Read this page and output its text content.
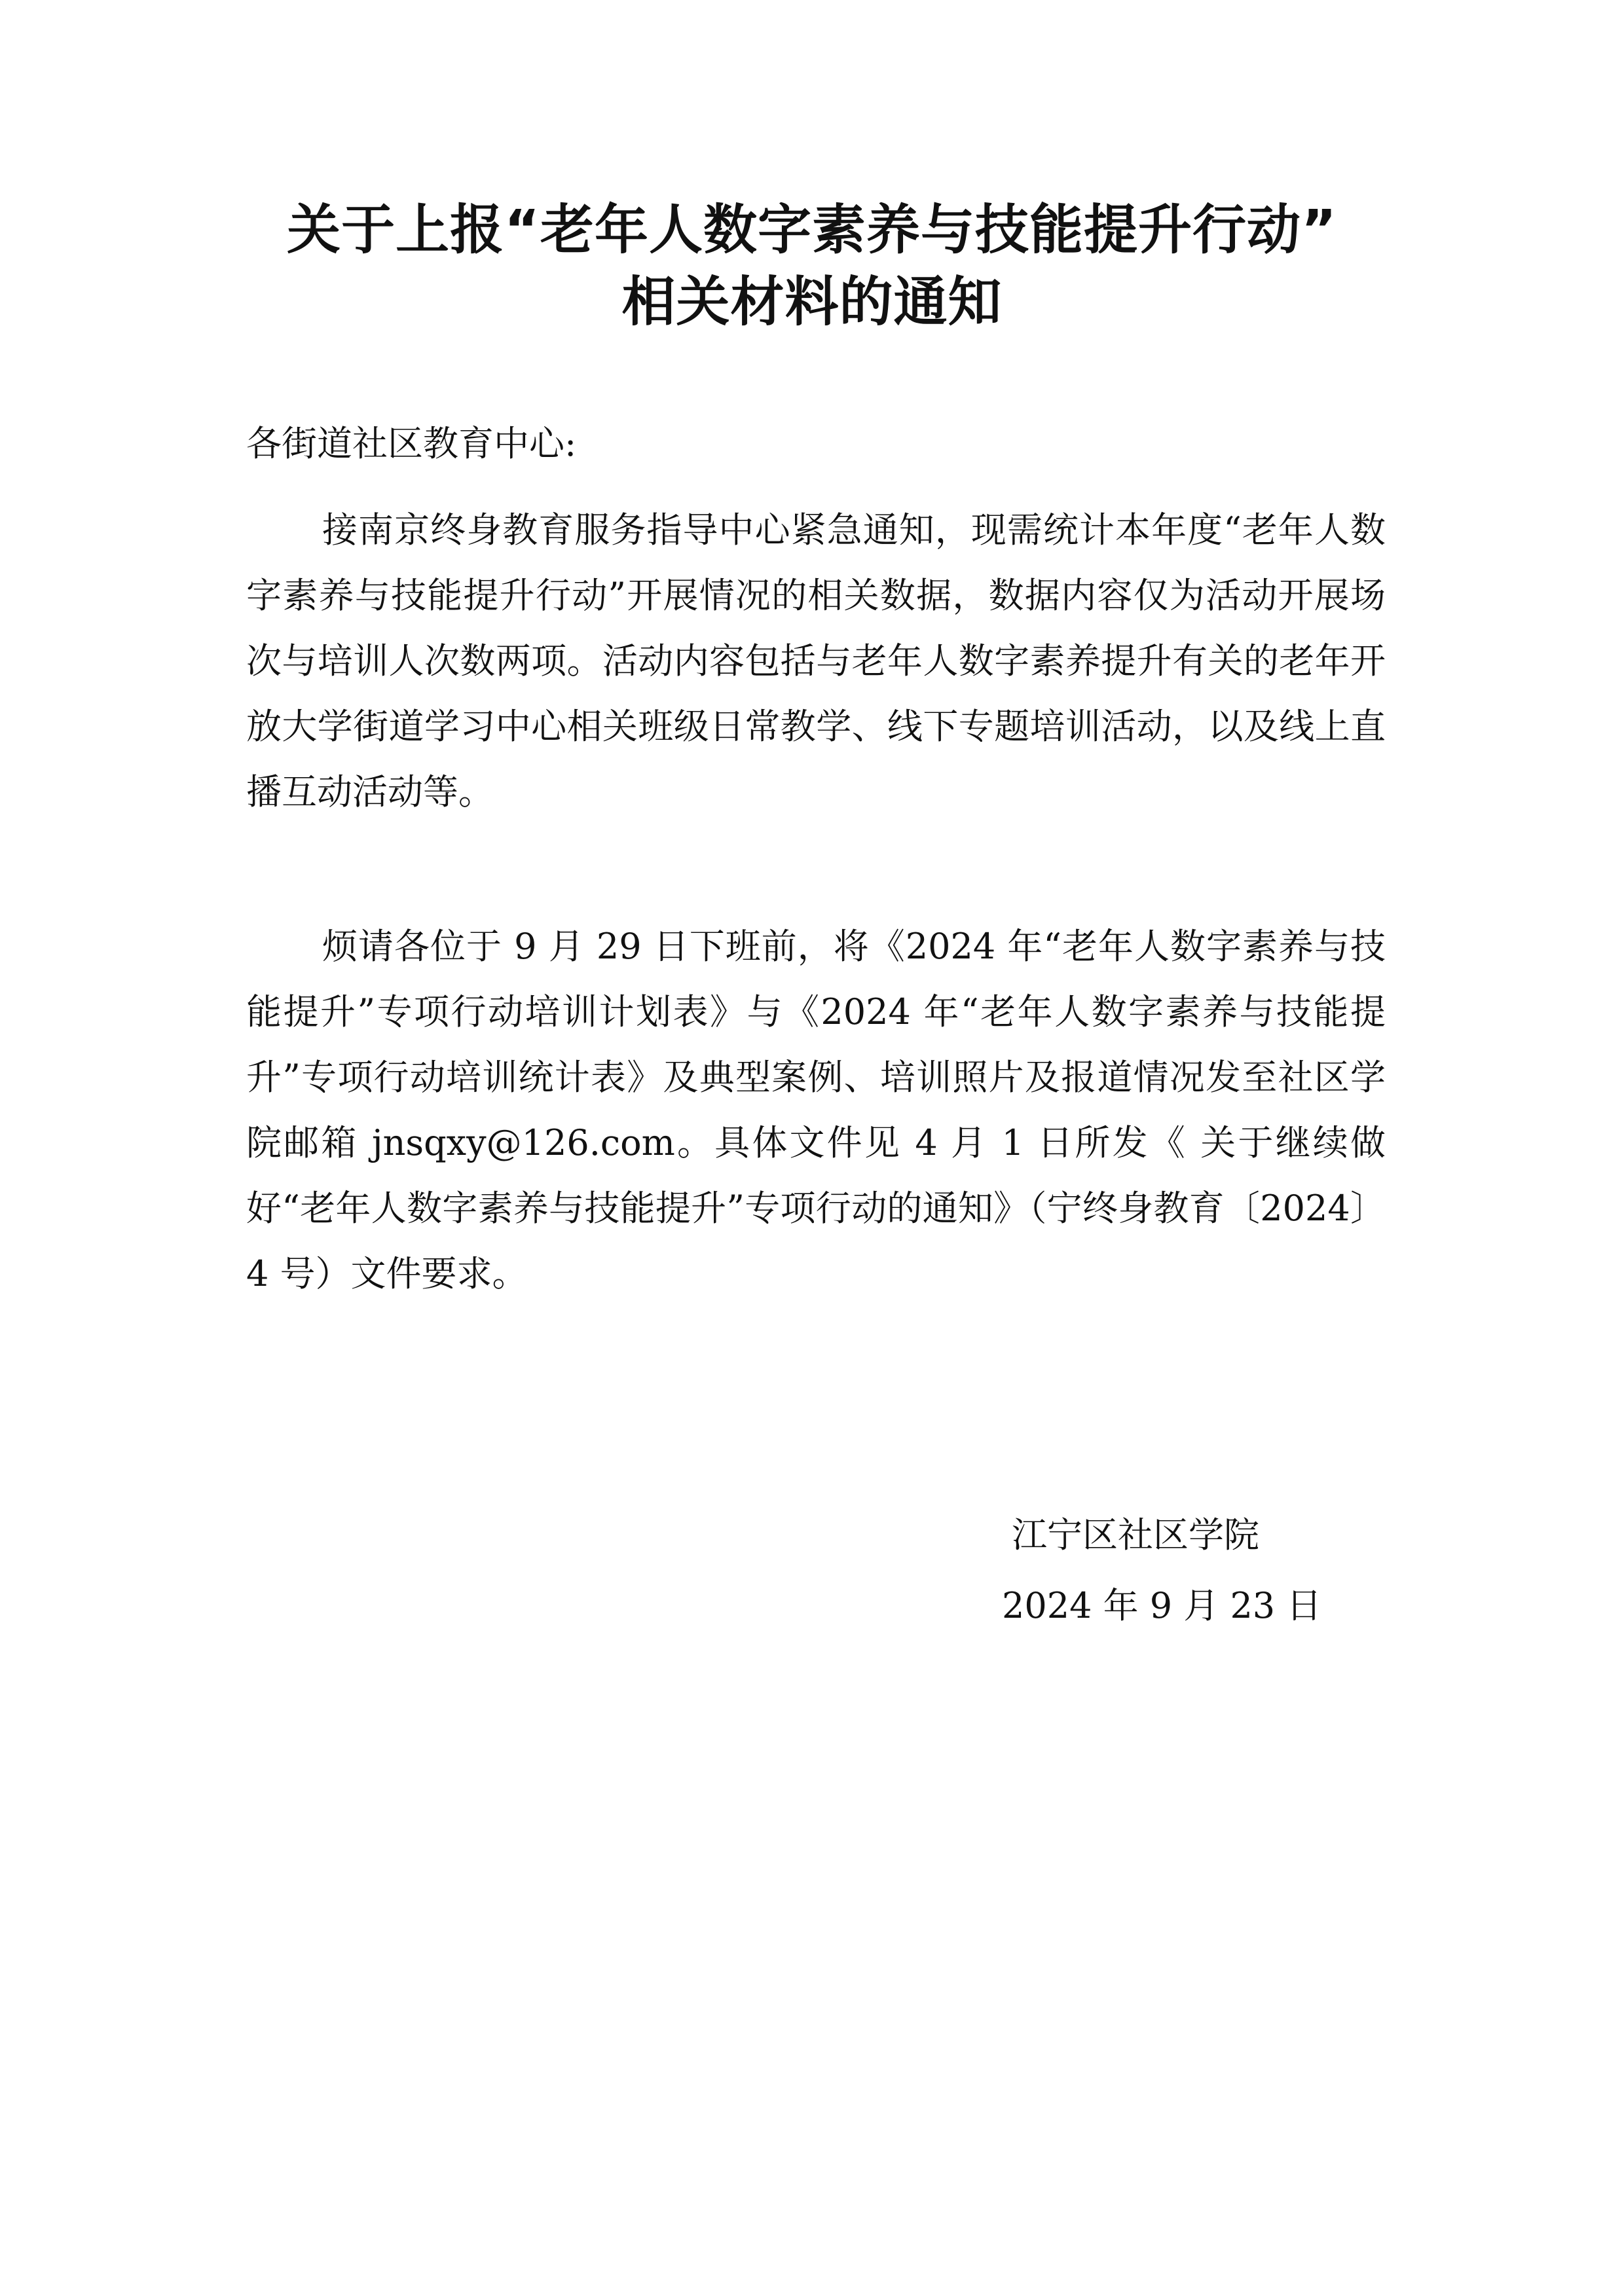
关于上报“老年人数字素养与技能提升行动”
相关材料的通知
各街道社区教育中心:
接南京终身教育服务指导中心紧急通知，现需统计本年度“老年人数字素养与技能提升行动”开展情况的相关数据，数据内容仅为活动开展场次与培训人次数两项。活动内容包括与老年人数字素养提升有关的老年开放大学街道学习中心相关班级日常教学、线下专题培训活动，以及线上直播互动活动等。
烦请各位于 9 月 29 日下班前，将《2024 年“老年人数字素养与技能提升”专项行动培训计划表》与《2024 年“老年人数字素养与技能提升”专项行动培训统计表》及典型案例、培训照片及报道情况发至社区学院邮箱 jnsqxy@126.com。具体文件见 4 月 1 日所发《 关于继续做好“老年人数字素养与技能提升”专项行动的通知》（宁终身教育〔2024〕4 号）文件要求。
江宁区社区学院
2024 年 9 月 23 日
